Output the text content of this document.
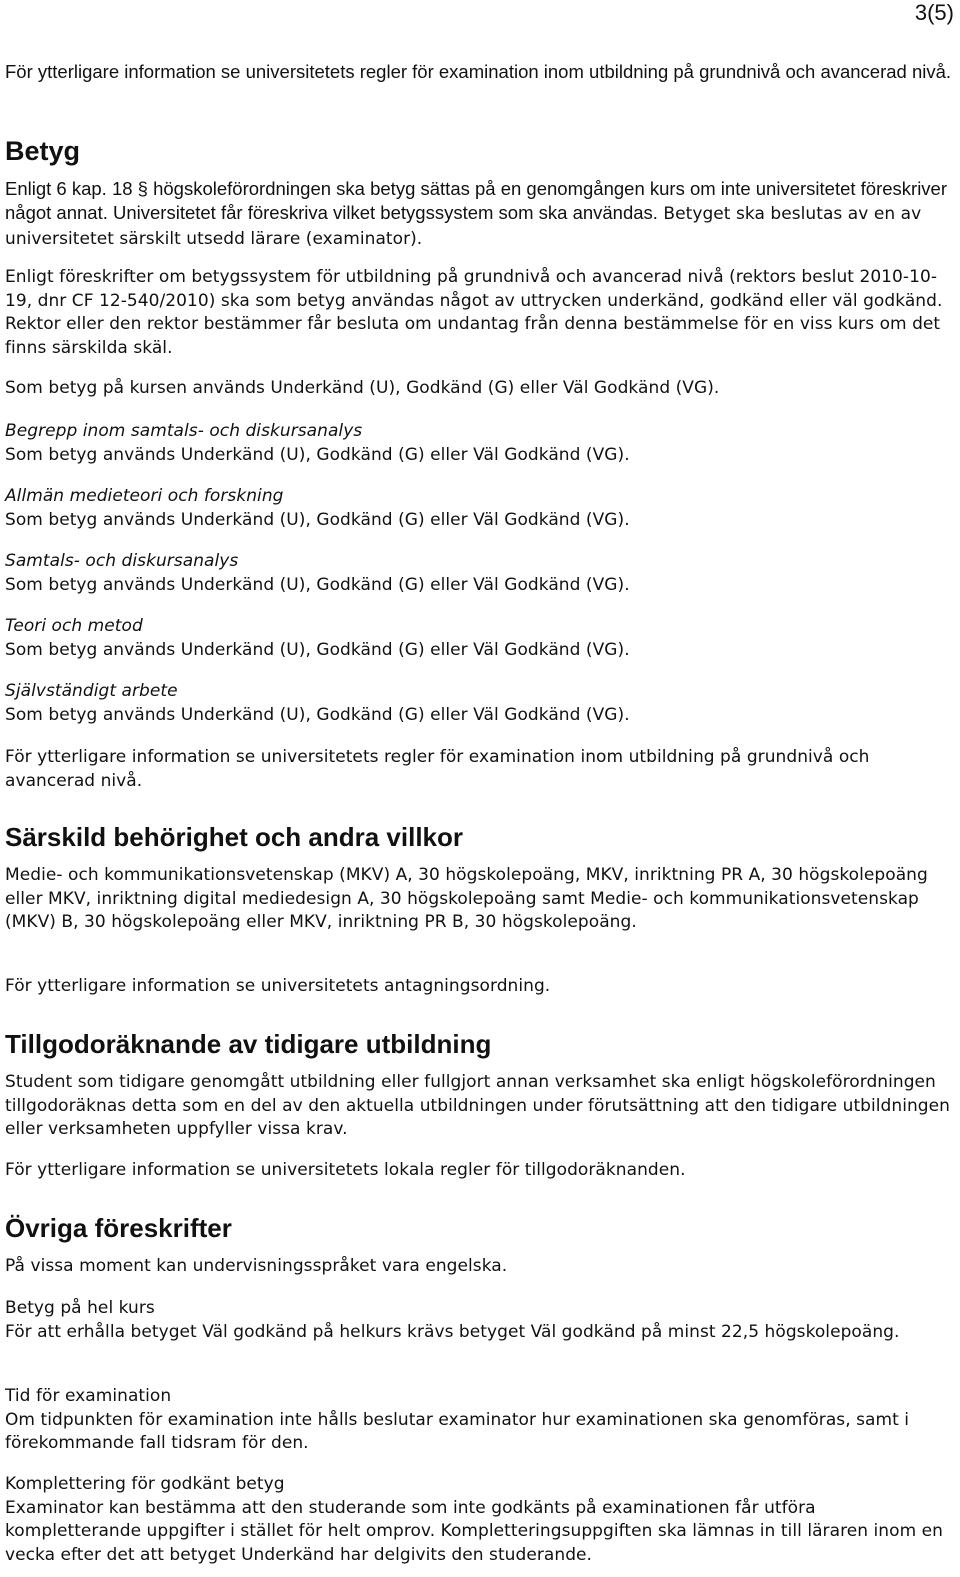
3(5)

För ytterligare information se universitetets regler för examination inom utbildning på grundnivå och avancerad nivå.

Betyg

Enligt 6 kap. 18 § högskoleförordningen ska betyg sättas på en genomgången kurs om inte universitetet föreskriver något annat. Universitetet får föreskriva vilket betygssystem som ska användas. Betyget ska beslutas av en av universitetet särskilt utsedd lärare (examinator).

Enligt föreskrifter om betygssystem för utbildning på grundnivå och avancerad nivå (rektors beslut 2010-10-19, dnr CF 12-540/2010) ska som betyg användas något av uttrycken underkänd, godkänd eller väl godkänd. Rektor eller den rektor bestämmer får besluta om undantag från denna bestämmelse för en viss kurs om det finns särskilda skäl.

Som betyg på kursen används Underkänd (U), Godkänd (G) eller Väl Godkänd (VG).

Begrepp inom samtals- och diskursanalys
Som betyg används Underkänd (U), Godkänd (G) eller Väl Godkänd (VG).
Allmän medieteori och forskning
Som betyg används Underkänd (U), Godkänd (G) eller Väl Godkänd (VG).
Samtals- och diskursanalys
Som betyg används Underkänd (U), Godkänd (G) eller Väl Godkänd (VG).
Teori och metod
Som betyg används Underkänd (U), Godkänd (G) eller Väl Godkänd (VG).
Självständigt arbete
Som betyg används Underkänd (U), Godkänd (G) eller Väl Godkänd (VG).

För ytterligare information se universitetets regler för examination inom utbildning på grundnivå och avancerad nivå.

Särskild behörighet och andra villkor

Medie- och kommunikationsvetenskap (MKV) A, 30 högskolepoäng, MKV, inriktning PR A, 30 högskolepoäng eller MKV, inriktning digital mediedesign A, 30 högskolepoäng samt Medie- och kommunikationsvetenskap (MKV) B, 30 högskolepoäng eller MKV, inriktning PR B, 30 högskolepoäng.

För ytterligare information se universitetets antagningsordning.

Tillgodoräknande av tidigare utbildning

Student som tidigare genomgått utbildning eller fullgjort annan verksamhet ska enligt högskoleförordningen tillgodoräknas detta som en del av den aktuella utbildningen under förutsättning att den tidigare utbildningen eller verksamheten uppfyller vissa krav.

För ytterligare information se universitetets lokala regler för tillgodoräknanden.

Övriga föreskrifter

På vissa moment kan undervisningsspråket vara engelska.

Betyg på hel kurs
För att erhålla betyget Väl godkänd på helkurs krävs betyget Väl godkänd på minst 22,5 högskolepoäng.
Tid för examination
Om tidpunkten för examination inte hålls beslutar examinator hur examinationen ska genomföras, samt i förekommande fall tidsram för den.
Komplettering för godkänt betyg
Examinator kan bestämma att den studerande som inte godkänts på examinationen får utföra kompletterande uppgifter i stället för helt omprov. Kompletteringsuppgiften ska lämnas in till läraren inom en vecka efter det att betyget Underkänd har delgivits den studerande.
